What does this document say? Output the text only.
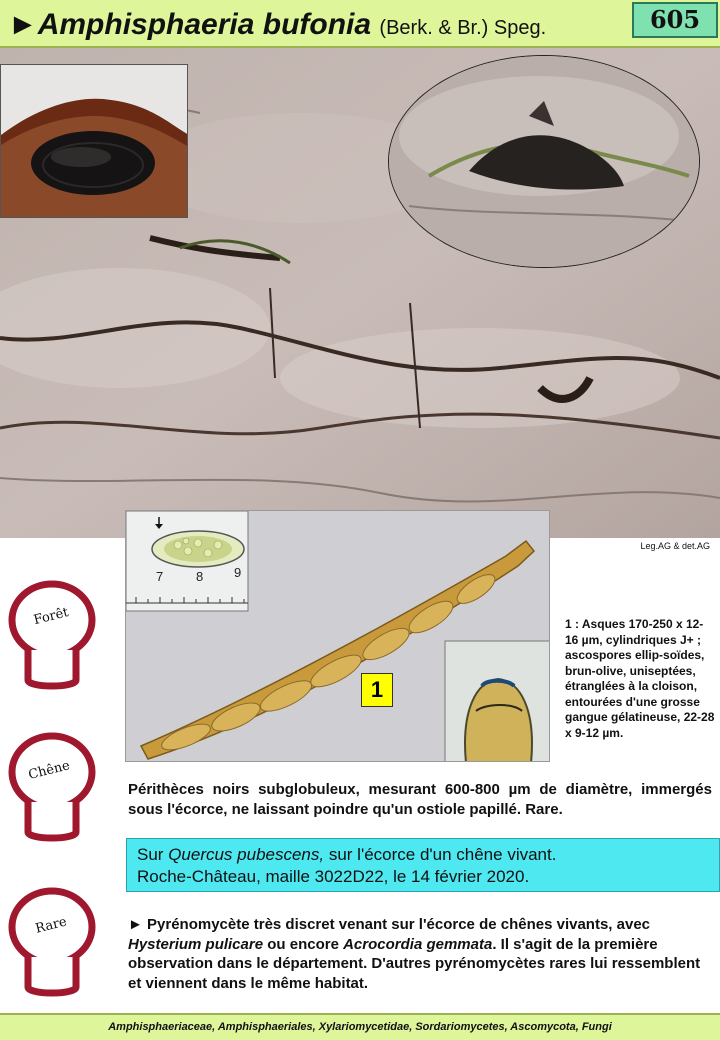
►Amphisphaeria bufonia (Berk. & Br.) Speg.	605
Leg.AG & det.AG
7	8 9
1
1 : Asques 170-250 x 12-16 µm, cylindriques J+ ; ascospores ellip-soïdes, brun-olive, uniseptées, étranglées à la cloison, entourées d'une grosse gangue gélatineuse, 22-28 x 9-12 µm.
Forêt
Chêne
Rare
Périthèces noirs subglobuleux, mesurant 600-800 µm de diamètre, immergés sous l'écorce, ne laissant poindre qu'un ostiole papillé. Rare.
Sur Quercus pubescens, sur l'écorce d'un chêne vivant.
Roche-Château, maille 3022D22, le 14 février 2020.
► Pyrénomycète très discret venant sur l'écorce de chênes vivants, avec Hysterium pulicare ou encore Acrocordia gemmata. Il s'agit de la première observation dans le département. D'autres pyrénomycètes rares lui ressemblent et viennent dans le même habitat.
Amphisphaeriaceae, Amphisphaeriales, Xylariomycetidae, Sordariomycetes, Ascomycota, Fungi
